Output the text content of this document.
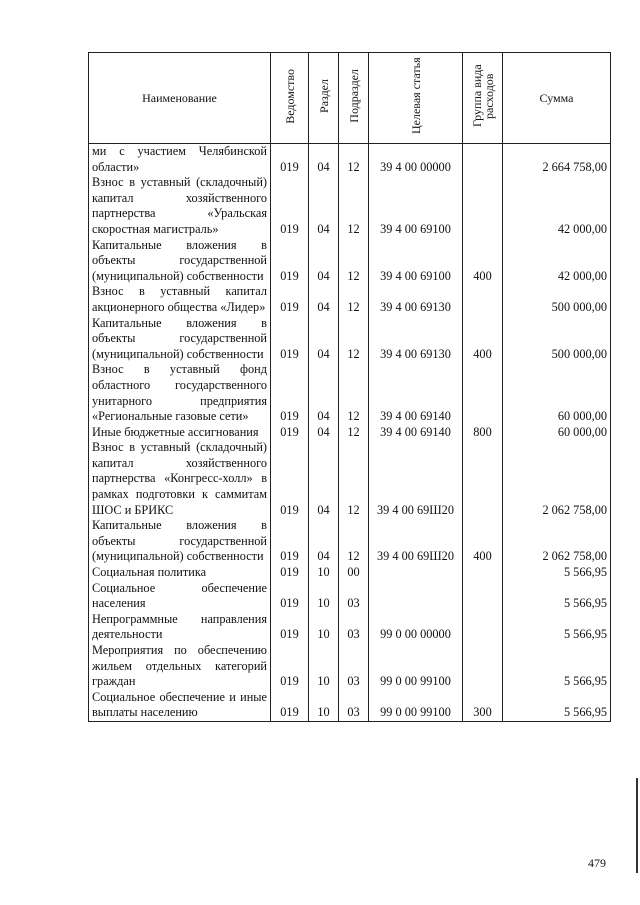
Наименование	Ведомство	Раздел	Подраздел	Целевая статья	Группа вида расходов	Сумма
ми с участием Челябинской области»	019	04	12	39 4 00 00000		2 664 758,00
Взнос в уставный (складочный) капитал хозяйственного партнерства «Уральская скоростная магистраль»	019	04	12	39 4 00 69100		42 000,00
Капитальные вложения в объекты государственной (муниципальной) собственности	019	04	12	39 4 00 69100	400	42 000,00
Взнос в уставный капитал акционерного общества «Лидер»	019	04	12	39 4 00 69130		500 000,00
Капитальные вложения в объекты государственной (муниципальной) собственности	019	04	12	39 4 00 69130	400	500 000,00
Взнос в уставный фонд областного государственного унитарного предприятия «Региональные газовые сети»	019	04	12	39 4 00 69140		60 000,00
Иные бюджетные ассигнования	019	04	12	39 4 00 69140	800	60 000,00
Взнос в уставный (складочный) капитал хозяйственного партнерства «Конгресс-холл» в рамках подготовки к саммитам ШОС и БРИКС	019	04	12	39 4 00 69Ш20		2 062 758,00
Капитальные вложения в объекты государственной (муниципальной) собственности	019	04	12	39 4 00 69Ш20	400	2 062 758,00
Социальная политика	019	10	00			5 566,95
Социальное обеспечение населения	019	10	03			5 566,95
Непрограммные направления деятельности	019	10	03	99 0 00 00000		5 566,95
Мероприятия по обеспечению жильем отдельных категорий граждан	019	10	03	99 0 00 99100		5 566,95
Социальное обеспечение и иные выплаты населению	019	10	03	99 0 00 99100	300	5 566,95
479
